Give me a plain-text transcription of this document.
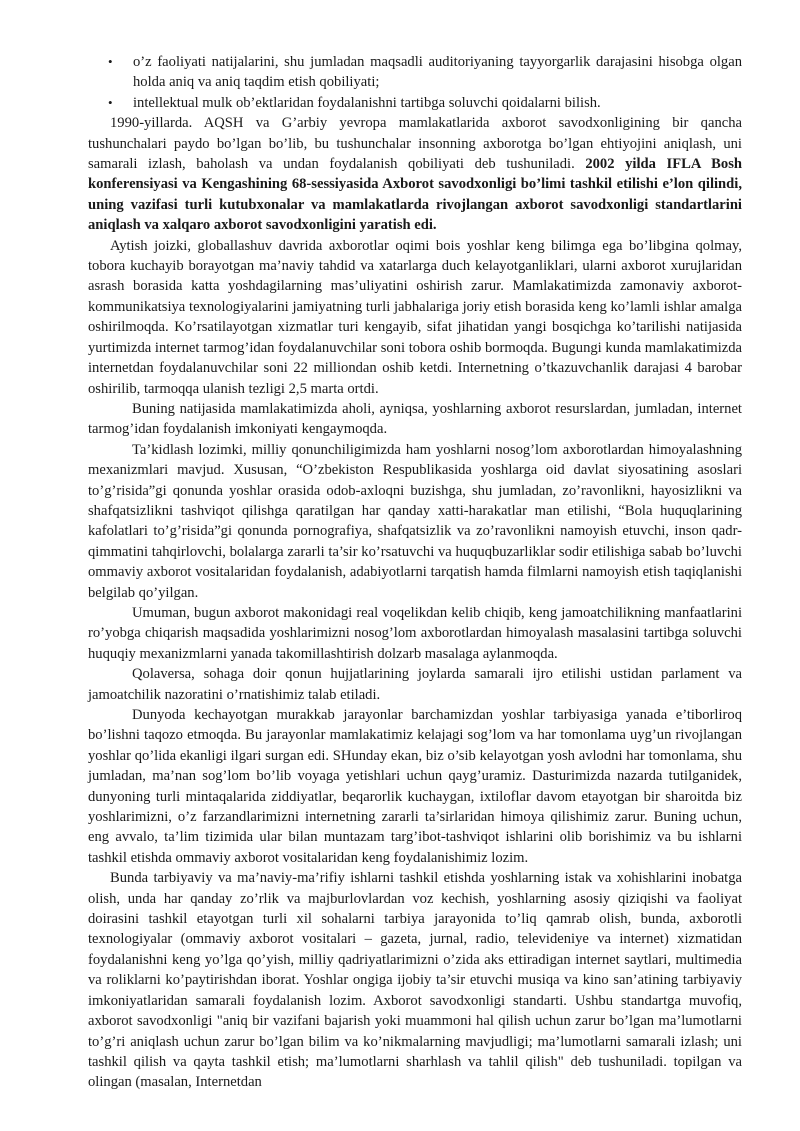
• o’z faoliyati natijalarini, shu jumladan maqsadli auditoriyaning tayyorgarlik darajasini hisobga olgan holda aniq va aniq taqdim etish qobiliyati;
• intellektual mulk ob’ektlaridan foydalanishni tartibga soluvchi qoidalarni bilish.

1990-yillarda. AQSH va G’arbiy yevropa mamlakatlarida axborot savodxonligining bir qancha tushunchalari paydo bo’lgan bo’lib, bu tushunchalar insonning axborotga bo’lgan ehtiyojini aniqlash, uni samarali izlash, baholash va undan foydalanish qobiliyati deb tushuniladi. 2002 yilda IFLA Bosh konferensiyasi va Kengashining 68-sessiyasida Axborot savodxonligi bo’limi tashkil etilishi e’lon qilindi, uning vazifasi turli kutubxonalar va mamlakatlarda rivojlangan axborot savodxonligi standartlarini aniqlash va xalqaro axborot savodxonligini yaratish edi.

Aytish joizki, globallashuv davrida axborotlar oqimi bois yoshlar keng bilimga ega bo’libgina qolmay, tobora kuchayib borayotgan ma’naviy tahdid va xatarlarga duch kelayotganliklari, ularni axborot xurujlaridan asrash borasida katta yoshdagilarning mas’uliyatini oshirish zarur. Mamlakatimizda zamonaviy axborot-kommunikatsiya texnologiyalarini jamiyatning turli jabhalariga joriy etish borasida keng ko’lamli ishlar amalga oshirilmoqda. Ko’rsatilayotgan xizmatlar turi kengayib, sifat jihatidan yangi bosqichga ko’tarilishi natijasida yurtimizda internet tarmog’idan foydalanuvchilar soni tobora oshib bormoqda. Bugungi kunda mamlakatimizda internetdan foydalanuvchilar soni 22 milliondan oshib ketdi. Internetning o’tkazuvchanlik darajasi 4 barobar oshirilib, tarmoqqa ulanish tezligi 2,5 marta ortdi.

Buning natijasida mamlakatimizda aholi, ayniqsa, yoshlarning axborot resurslardan, jumladan, internet tarmog’idan foydalanish imkoniyati kengaymoqda.

Ta’kidlash lozimki, milliy qonunchiligimizda ham yoshlarni nosog’lom axborotlardan himoyalashning mexanizmlari mavjud. Xususan, “O’zbekiston Respublikasida yoshlarga oid davlat siyosatining asoslari to’g’risida”gi qonunda yoshlar orasida odob-axloqni buzishga, shu jumladan, zo’ravonlikni, hayosizlikni va shafqatsizlikni tashviqot qilishga qaratilgan har qanday xatti-harakatlar man etilishi, “Bola huquqlarining kafolatlari to’g’risida”gi qonunda pornografiya, shafqatsizlik va zo’ravonlikni namoyish etuvchi, inson qadr-qimmatini tahqirlovchi, bolalarga zararli ta’sir ko’rsatuvchi va huquqbuzarliklar sodir etilishiga sabab bo’luvchi ommaviy axborot vositalaridan foydalanish, adabiyotlarni tarqatish hamda filmlarni namoyish etish taqiqlanishi belgilab qo’yilgan.

Umuman, bugun axborot makonidagi real voqelikdan kelib chiqib, keng jamoatchilikning manfaatlarini ro’yobga chiqarish maqsadida yoshlarimizni nosog’lom axborotlardan himoyalash masalasini tartibga soluvchi huquqiy mexanizmlarni yanada takomillashtirish dolzarb masalaga aylanmoqda.

Qolaversa, sohaga doir qonun hujjatlarining joylarda samarali ijro etilishi ustidan parlament va jamoatchilik nazoratini o’rnatishimiz talab etiladi.

Dunyoda kechayotgan murakkab jarayonlar barchamizdan yoshlar tarbiyasiga yanada e’tiborliroq bo’lishni taqozo etmoqda. Bu jarayonlar mamlakatimiz kelajagi sog’lom va har tomonlama uyg’un rivojlangan yoshlar qo’lida ekanligi ilgari surgan edi. SHunday ekan, biz o’sib kelayotgan yosh avlodni har tomonlama, shu jumladan, ma’nan sog’lom bo’lib voyaga yetishlari uchun qayg’uramiz. Dasturimizda nazarda tutilganidek, dunyoning turli mintaqalarida ziddiyatlar, beqarorlik kuchaygan, ixtiloflar davom etayotgan bir sharoitda biz yoshlarimizni, o’z farzandlarimizni internetning zararli ta’sirlaridan himoya qilishimiz zarur. Buning uchun, eng avvalo, ta’lim tizimida ular bilan muntazam targ’ibot-tashviqot ishlarini olib borishimiz va bu ishlarni tashkil etishda ommaviy axborot vositalaridan keng foydalanishimiz lozim.

Bunda tarbiyaviy va ma’naviy-ma’rifiy ishlarni tashkil etishda yoshlarning istak va xohishlarini inobatga olish, unda har qanday zo’rlik va majburlovlardan voz kechish, yoshlarning asosiy qiziqishi va faoliyat doirasini tashkil etayotgan turli xil sohalarni tarbiya jarayonida to’liq qamrab olish, bunda, axborotli texnologiyalar (ommaviy axborot vositalari – gazeta, jurnal, radio, televideniye va internet) xizmatidan foydalanishni keng yo’lga qo’yish, milliy qadriyatlarimizni o’zida aks ettiradigan internet saytlari, multimedia va roliklarni ko’paytirishdan iborat. Yoshlar ongiga ijobiy ta’sir etuvchi musiqa va kino san’atining tarbiyaviy imkoniyatlaridan samarali foydalanish lozim. Axborot savodxonligi standarti. Ushbu standartga muvofiq, axborot savodxonligi "aniq bir vazifani bajarish yoki muammoni hal qilish uchun zarur bo’lgan ma’lumotlarni to’g’ri aniqlash uchun zarur bo’lgan bilim va ko’nikmalarning mavjudligi; ma’lumotlarni samarali izlash; uni tashkil qilish va qayta tashkil etish; ma’lumotlarni sharhlash va tahlil qilish" deb tushuniladi. topilgan va olingan (masalan, Internetdan
